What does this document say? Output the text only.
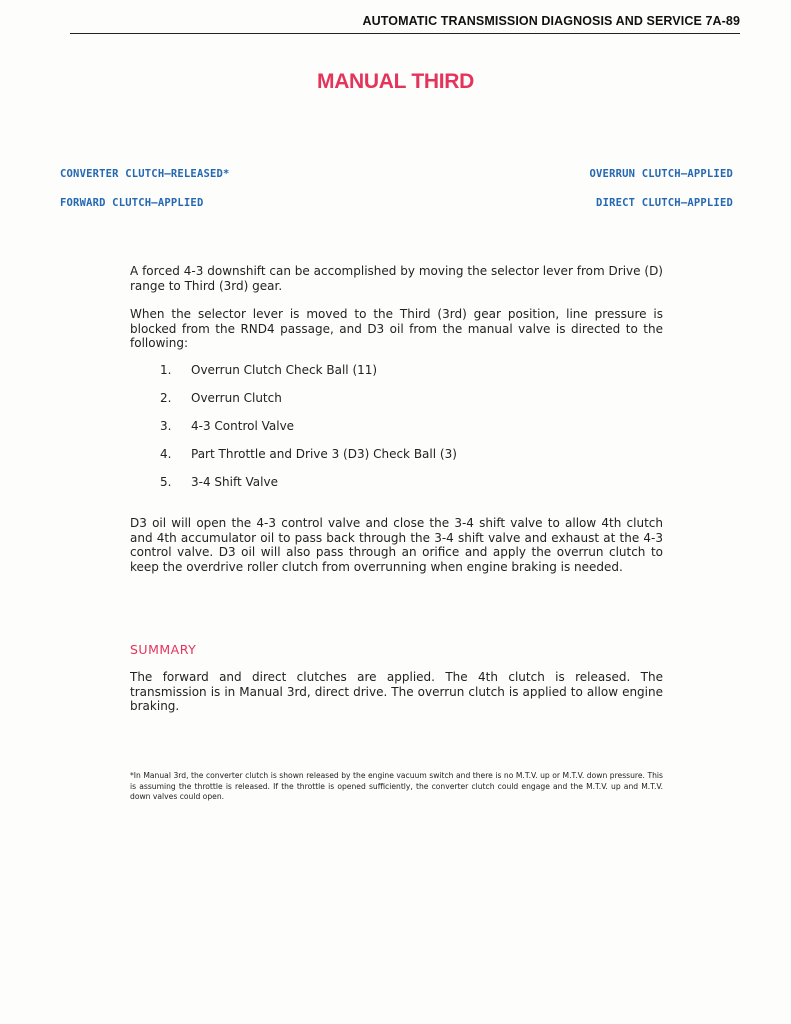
AUTOMATIC TRANSMISSION DIAGNOSIS AND SERVICE 7A-89
MANUAL THIRD
CONVERTER CLUTCH–RELEASED*
FORWARD CLUTCH–APPLIED
OVERRUN CLUTCH–APPLIED
DIRECT CLUTCH–APPLIED

A forced 4-3 downshift can be accomplished by moving the selector lever from Drive (D) range to Third (3rd) gear.

When the selector lever is moved to the Third (3rd) gear position, line pressure is blocked from the RND4 passage, and D3 oil from the manual valve is directed to the following:

1.	Overrun Clutch Check Ball (11)
2.	Overrun Clutch
3.	4-3 Control Valve
4.	Part Throttle and Drive 3 (D3) Check Ball (3)
5.	3-4 Shift Valve

D3 oil will open the 4-3 control valve and close the 3-4 shift valve to allow 4th clutch and 4th accumulator oil to pass back through the 3-4 shift valve and exhaust at the 4-3 control valve. D3 oil will also pass through an orifice and apply the overrun clutch to keep the overdrive roller clutch from overrunning when engine braking is needed.

SUMMARY

The forward and direct clutches are applied. The 4th clutch is released. The transmission is in Manual 3rd, direct drive. The overrun clutch is applied to allow engine braking.

*In Manual 3rd, the converter clutch is shown released by the engine vacuum switch and there is no M.T.V. up or M.T.V. down pressure. This is assuming the throttle is released. If the throttle is opened sufficiently, the converter clutch could engage and the M.T.V. up and M.T.V. down valves could open.
